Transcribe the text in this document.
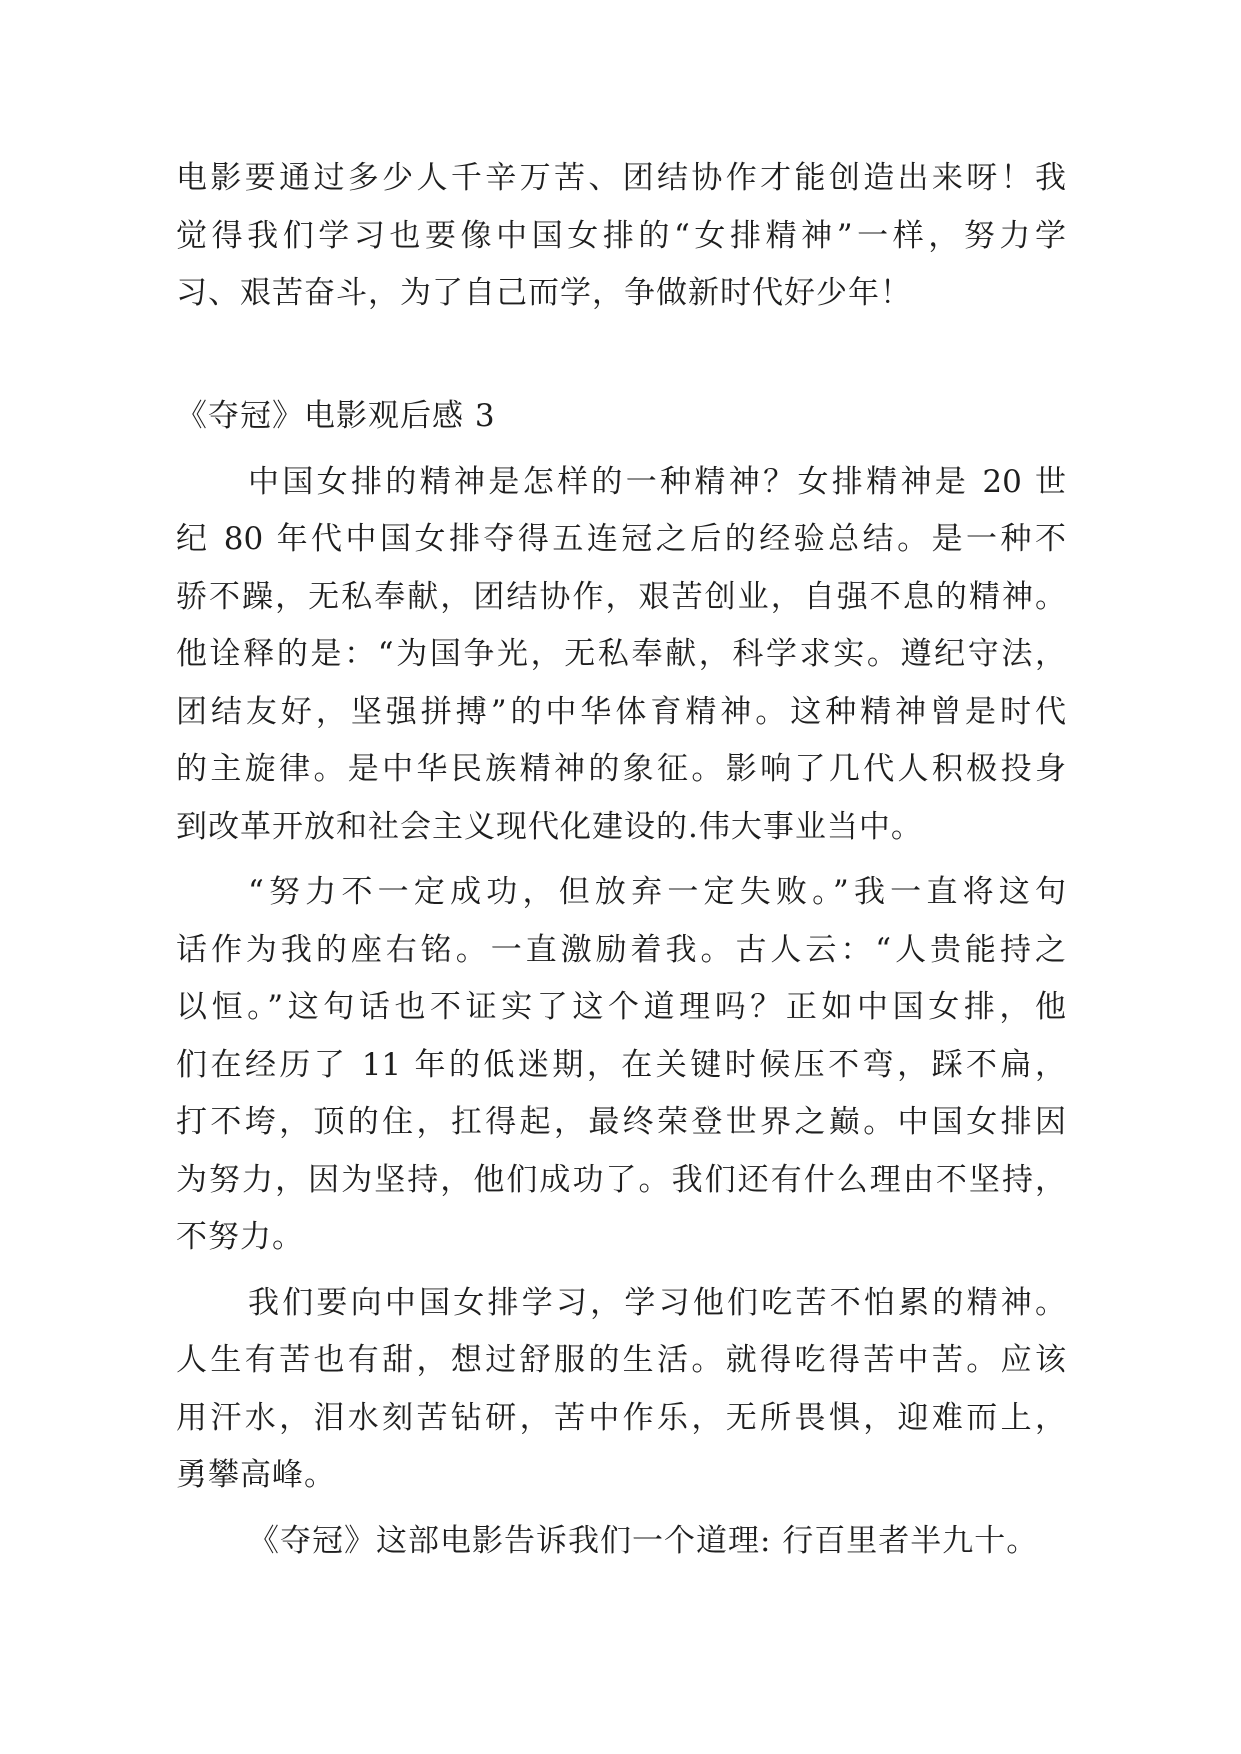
电影要通过多少人千辛万苦、团结协作才能创造出来呀！我
觉得我们学习也要像中国女排的“女排精神”一样，努力学
习、艰苦奋斗，为了自己而学，争做新时代好少年！
《夺冠》电影观后感 3
中国女排的精神是怎样的一种精神？女排精神是 20 世
纪 80 年代中国女排夺得五连冠之后的经验总结。是一种不
骄不躁，无私奉献，团结协作，艰苦创业，自强不息的精神。
他诠释的是：“为国争光，无私奉献，科学求实。遵纪守法，
团结友好，坚强拼搏”的中华体育精神。这种精神曾是时代
的主旋律。是中华民族精神的象征。影响了几代人积极投身
到改革开放和社会主义现代化建设的.伟大事业当中。
“努力不一定成功，但放弃一定失败。”我一直将这句
话作为我的座右铭。一直激励着我。古人云：“人贵能持之
以恒。”这句话也不证实了这个道理吗？正如中国女排，他
们在经历了 11 年的低迷期，在关键时候压不弯，踩不扁，
打不垮，顶的住，扛得起，最终荣登世界之巅。中国女排因
为努力，因为坚持，他们成功了。我们还有什么理由不坚持，
不努力。
我们要向中国女排学习，学习他们吃苦不怕累的精神。
人生有苦也有甜，想过舒服的生活。就得吃得苦中苦。应该
用汗水，泪水刻苦钻研，苦中作乐，无所畏惧，迎难而上，
勇攀高峰。
《夺冠》这部电影告诉我们一个道理: 行百里者半九十。
